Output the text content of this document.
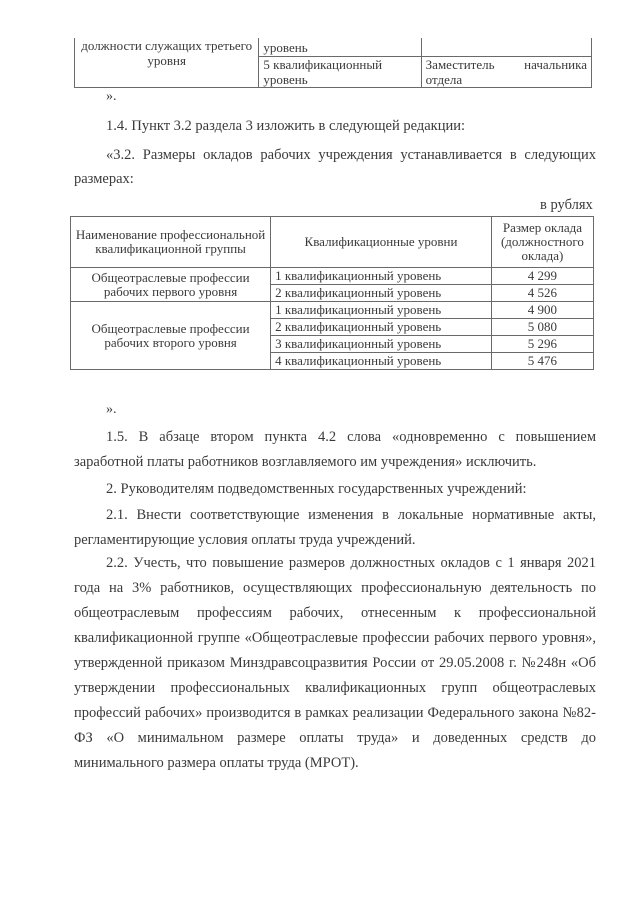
должности служащих третьего уровня	уровень	
	5 квалификационный уровень	Заместитель начальника отдела
».
1.4. Пункт 3.2 раздела 3 изложить в следующей редакции:
«3.2. Размеры окладов рабочих учреждения устанавливается в следующих
размерах:
в рублях
Наименование профессиональной квалификационной группы	Квалификационные уровни	Размер оклада (должностного оклада)
Общеотраслевые профессии рабочих первого уровня	1 квалификационный уровень	4 299
	2 квалификационный уровень	4 526
Общеотраслевые профессии рабочих второго уровня	1 квалификационный уровень	4 900
	2 квалификационный уровень	5 080
	3 квалификационный уровень	5 296
	4 квалификационный уровень	5 476
».
1.5. В абзаце втором пункта 4.2 слова «одновременно с повышением заработной платы работников возглавляемого им учреждения» исключить.
2. Руководителям подведомственных государственных учреждений:
2.1. Внести соответствующие изменения в локальные нормативные акты, регламентирующие условия оплаты труда учреждений.
2.2. Учесть, что повышение размеров должностных окладов с 1 января 2021 года на 3% работников, осуществляющих профессиональную деятельность по общеотраслевым профессиям рабочих, отнесенным к профессиональной квалификационной группе «Общеотраслевые профессии рабочих первого уровня», утвержденной приказом Минздравсоцразвития России от 29.05.2008 г. №248н «Об утверждении профессиональных квалификационных групп общеотраслевых профессий рабочих» производится в рамках реализации Федерального закона №82-ФЗ «О минимальном размере оплаты труда» и доведенных средств до минимального размера оплаты труда (МРОТ).
